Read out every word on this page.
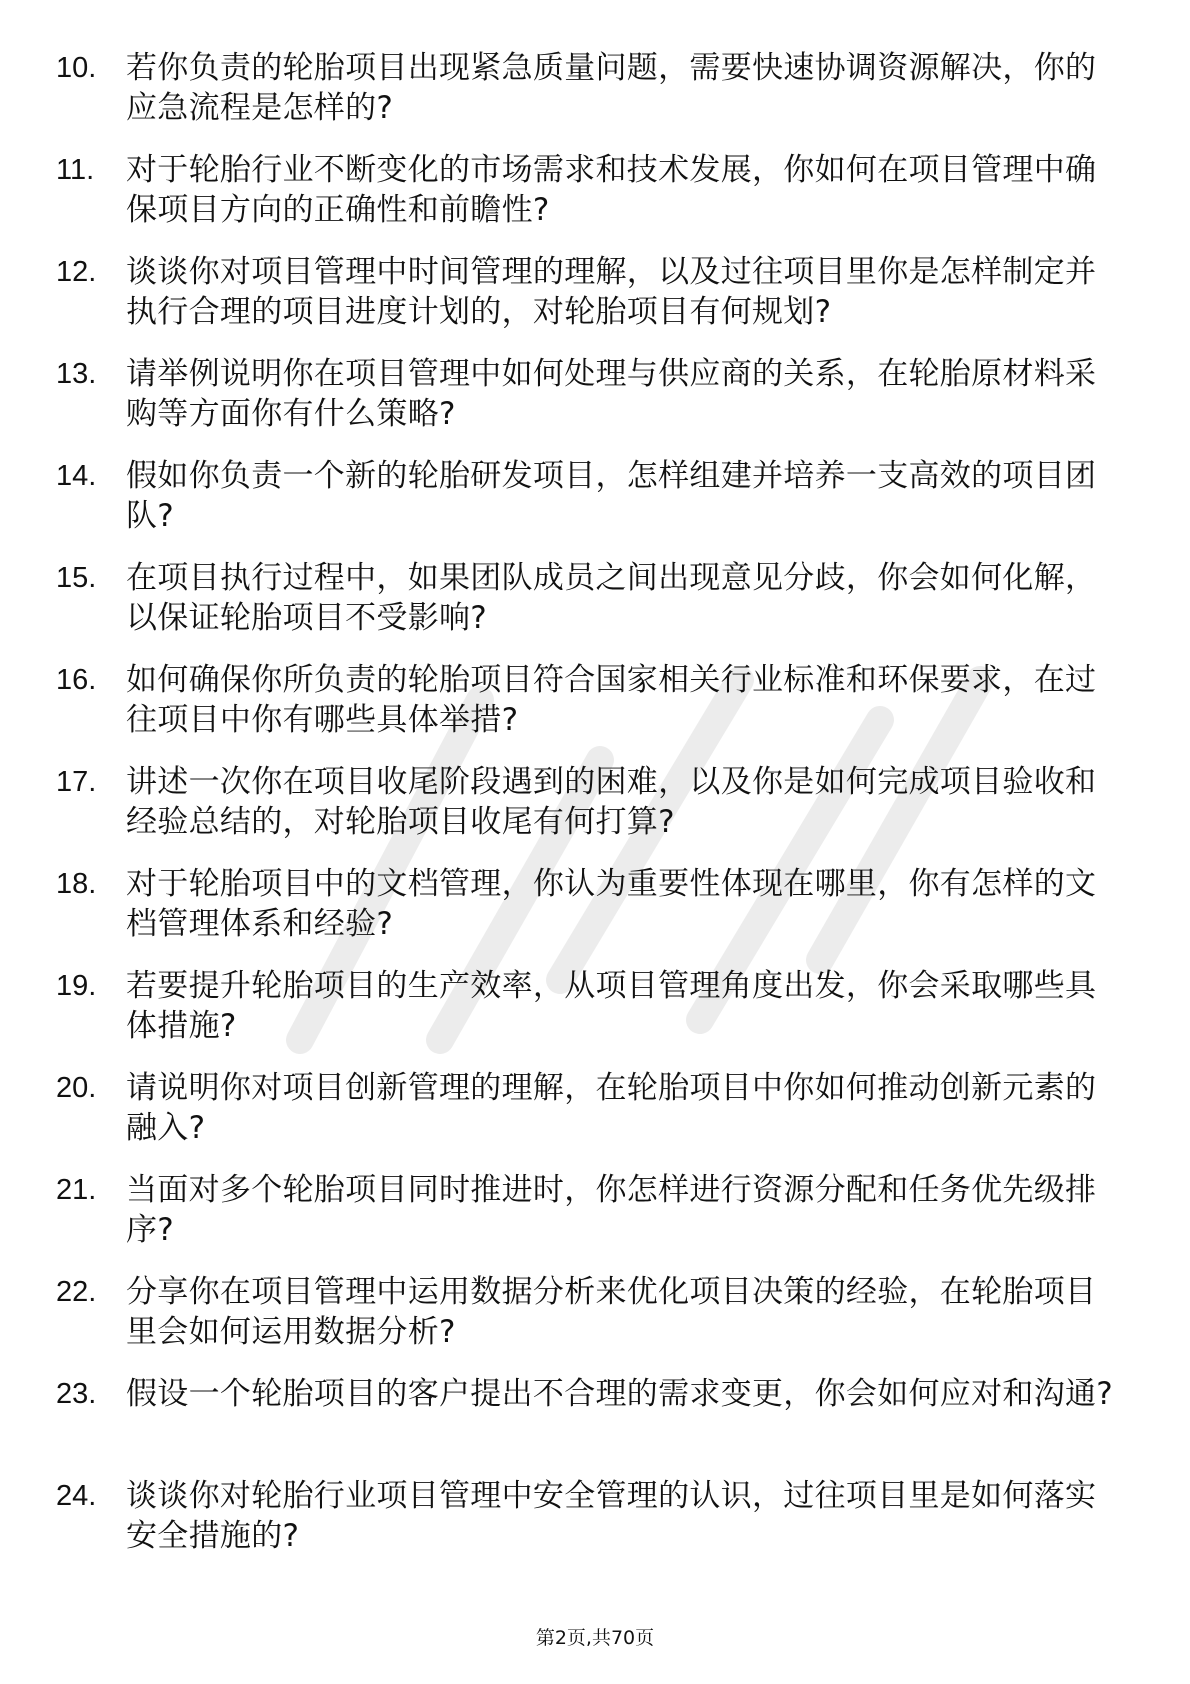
10. 若你负责的轮胎项目出现紧急质量问题，需要快速协调资源解决，你的应急流程是怎样的?
11.	对于轮胎行业不断变化的市场需求和技术发展，你如何在项目管理中确保项目方向的正确性和前瞻性?
12. 谈谈你对项目管理中时间管理的理解，以及过往项目里你是怎样制定并执行合理的项目进度计划的，对轮胎项目有何规划?
13. 请举例说明你在项目管理中如何处理与供应商的关系，在轮胎原材料采购等方面你有什么策略?
14. 假如你负责一个新的轮胎研发项目，怎样组建并培养一支高效的项目团队?
15. 在项目执行过程中，如果团队成员之间出现意见分歧，你会如何化解，以保证轮胎项目不受影响?
16. 如何确保你所负责的轮胎项目符合国家相关行业标准和环保要求，在过往项目中你有哪些具体举措?
17. 讲述一次你在项目收尾阶段遇到的困难，以及你是如何完成项目验收和经验总结的，对轮胎项目收尾有何打算?
18. 对于轮胎项目中的文档管理，你认为重要性体现在哪里，你有怎样的文档管理体系和经验?
19. 若要提升轮胎项目的生产效率，从项目管理角度出发，你会采取哪些具体措施?
20. 请说明你对项目创新管理的理解，在轮胎项目中你如何推动创新元素的融入?
21. 当面对多个轮胎项目同时推进时，你怎样进行资源分配和任务优先级排序?
22. 分享你在项目管理中运用数据分析来优化项目决策的经验，在轮胎项目里会如何运用数据分析?
23. 假设一个轮胎项目的客户提出不合理的需求变更，你会如何应对和沟通?
24. 谈谈你对轮胎行业项目管理中安全管理的认识，过往项目里是如何落实安全措施的?
第2页,共70页
